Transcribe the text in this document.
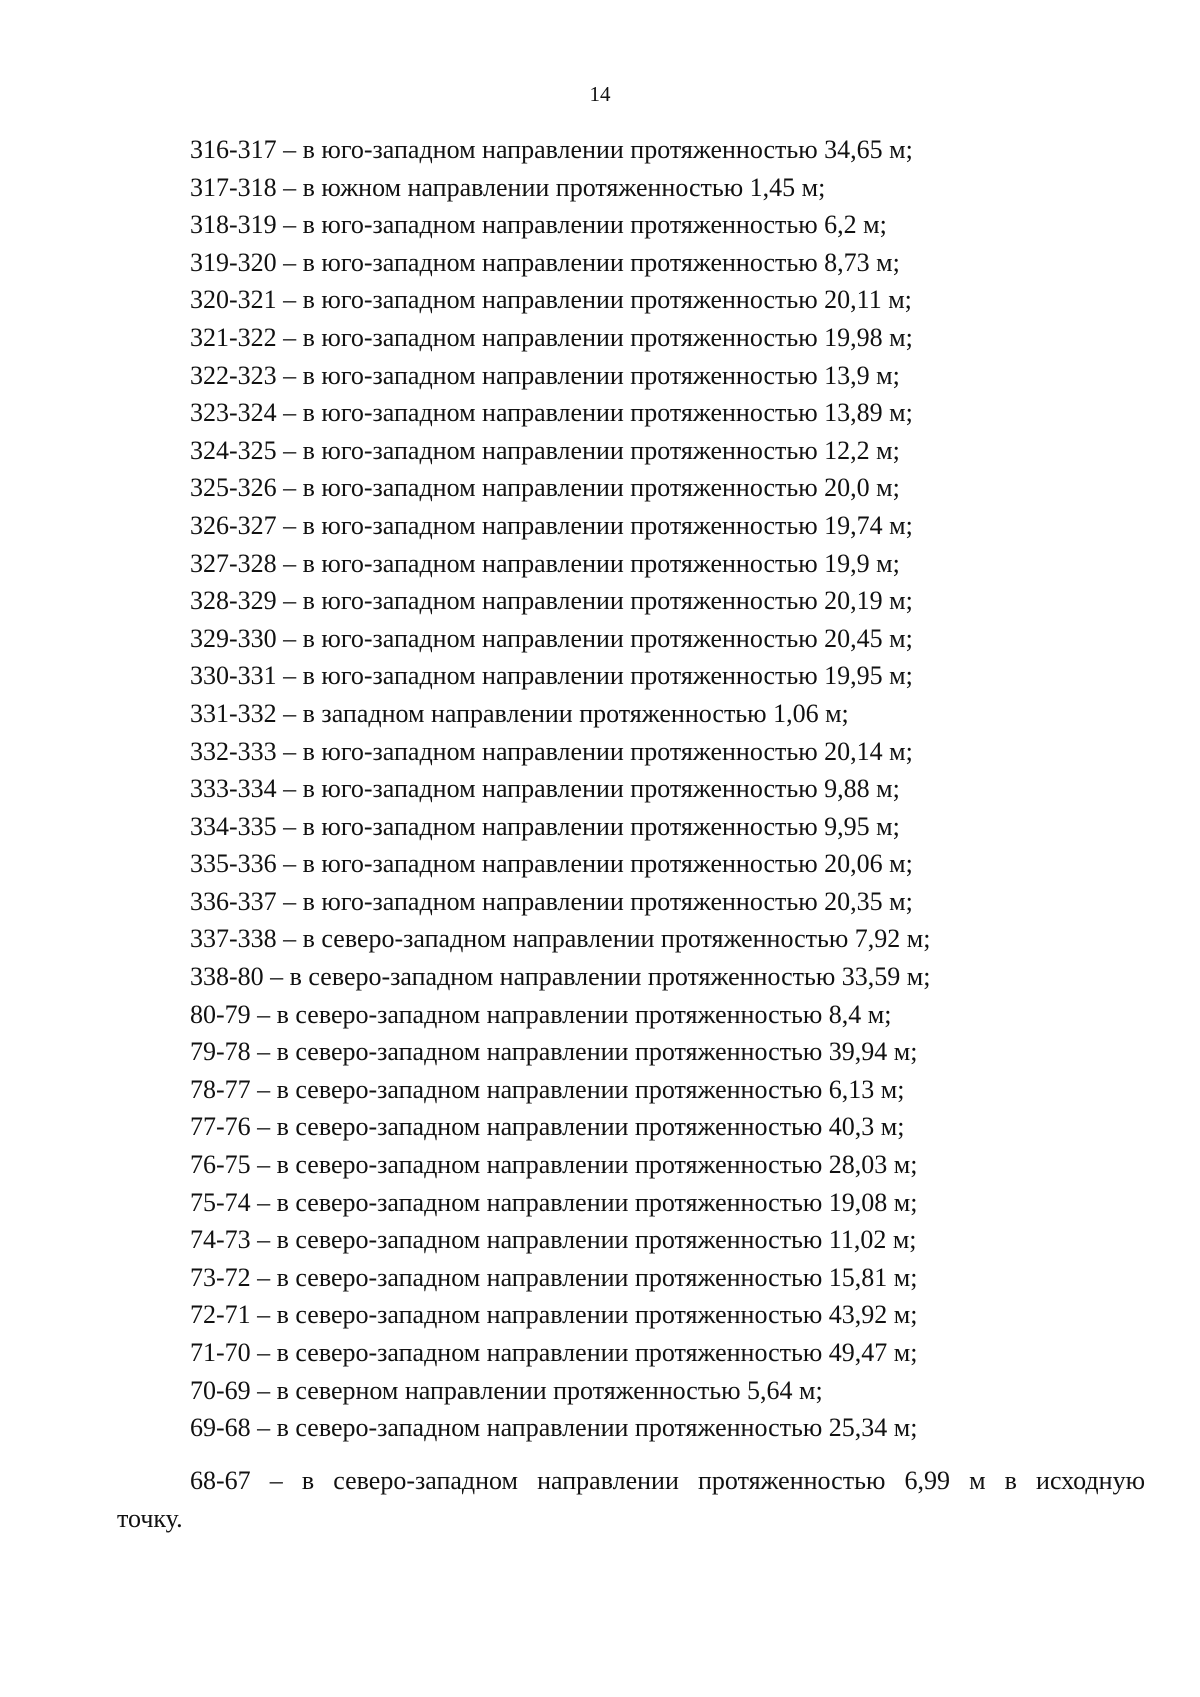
14
316-317 – в юго-западном направлении протяженностью 34,65 м;
317-318 – в южном направлении протяженностью 1,45 м;
318-319 – в юго-западном направлении протяженностью 6,2 м;
319-320 – в юго-западном направлении протяженностью 8,73 м;
320-321 – в юго-западном направлении протяженностью 20,11 м;
321-322 – в юго-западном направлении протяженностью 19,98 м;
322-323 – в юго-западном направлении протяженностью 13,9 м;
323-324 – в юго-западном направлении протяженностью 13,89 м;
324-325 – в юго-западном направлении протяженностью 12,2 м;
325-326 – в юго-западном направлении протяженностью 20,0 м;
326-327 – в юго-западном направлении протяженностью 19,74 м;
327-328 – в юго-западном направлении протяженностью 19,9 м;
328-329 – в юго-западном направлении протяженностью 20,19 м;
329-330 – в юго-западном направлении протяженностью 20,45 м;
330-331 – в юго-западном направлении протяженностью 19,95 м;
331-332 – в западном направлении протяженностью 1,06 м;
332-333 – в юго-западном направлении протяженностью 20,14 м;
333-334 – в юго-западном направлении протяженностью 9,88 м;
334-335 – в юго-западном направлении протяженностью 9,95 м;
335-336 – в юго-западном направлении протяженностью 20,06 м;
336-337 – в юго-западном направлении протяженностью 20,35 м;
337-338 – в северо-западном направлении протяженностью 7,92 м;
338-80 – в северо-западном направлении протяженностью 33,59 м;
80-79 – в северо-западном направлении протяженностью 8,4 м;
79-78 – в северо-западном направлении протяженностью 39,94 м;
78-77 – в северо-западном направлении протяженностью 6,13 м;
77-76 – в северо-западном направлении протяженностью 40,3 м;
76-75 – в северо-западном направлении протяженностью 28,03 м;
75-74 – в северо-западном направлении протяженностью 19,08 м;
74-73 – в северо-западном направлении протяженностью 11,02 м;
73-72 – в северо-западном направлении протяженностью 15,81 м;
72-71 – в северо-западном направлении протяженностью 43,92 м;
71-70 – в северо-западном направлении протяженностью 49,47 м;
70-69 – в северном направлении протяженностью 5,64 м;
69-68 – в северо-западном направлении протяженностью 25,34 м;
68-67 – в северо-западном направлении протяженностью 6,99 м в исходную
точку.
